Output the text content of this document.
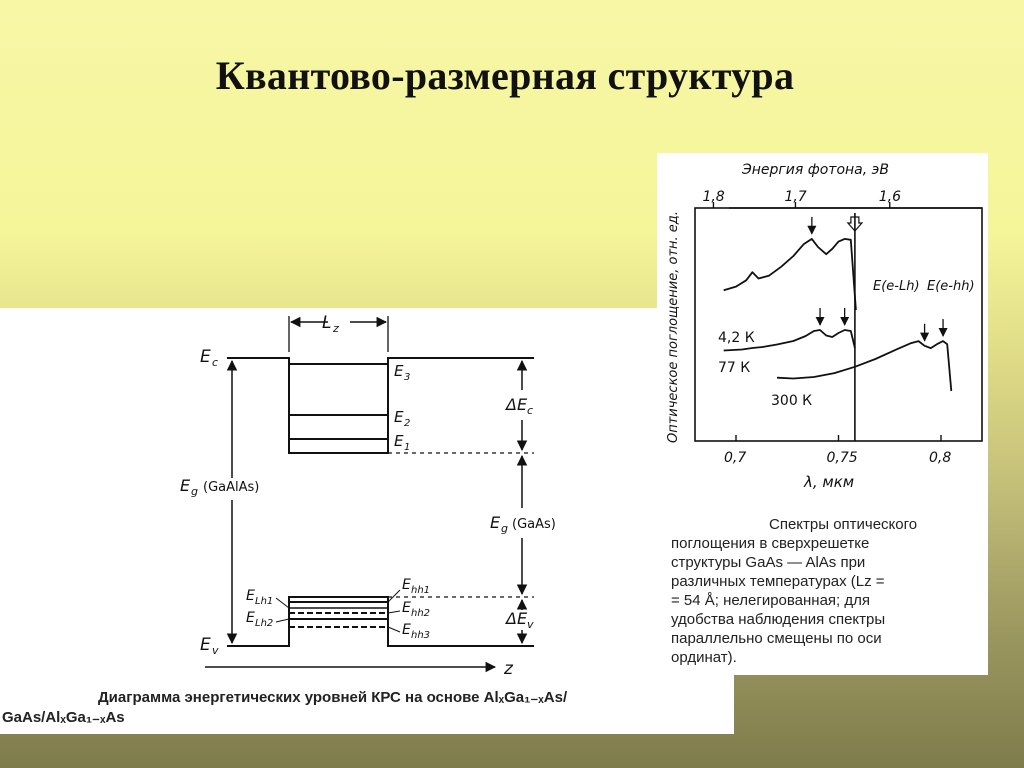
Квантово-размерная структура
L z
E c
E v
E 3
E 2
E 1
E Lh1
E Lh2
E hh1
E hh2
E hh3
ΔE c
ΔE v
E g (GaAlAs)
E g (GaAs)
z
Диаграмма энергетических уровней КРС на основе AlₓGa₁₋ₓAs/
GaAs/AlₓGa₁₋ₓAs
Энергия фотона, эВ
Оптическое поглощение, отн. ед.
λ, мкм
0,7	0,75	0,8
1,8	1,7	1,6
E(e-Lh) E(e-hh)
4,2 К
77 К
300 К
Спектры оптического
поглощения в сверхрешетке
структуры GaAs — AlAs при
различных температурах (Lz =
= 54 Å; нелегированная; для
удобства наблюдения спектры
параллельно смещены по оси
ординат).
